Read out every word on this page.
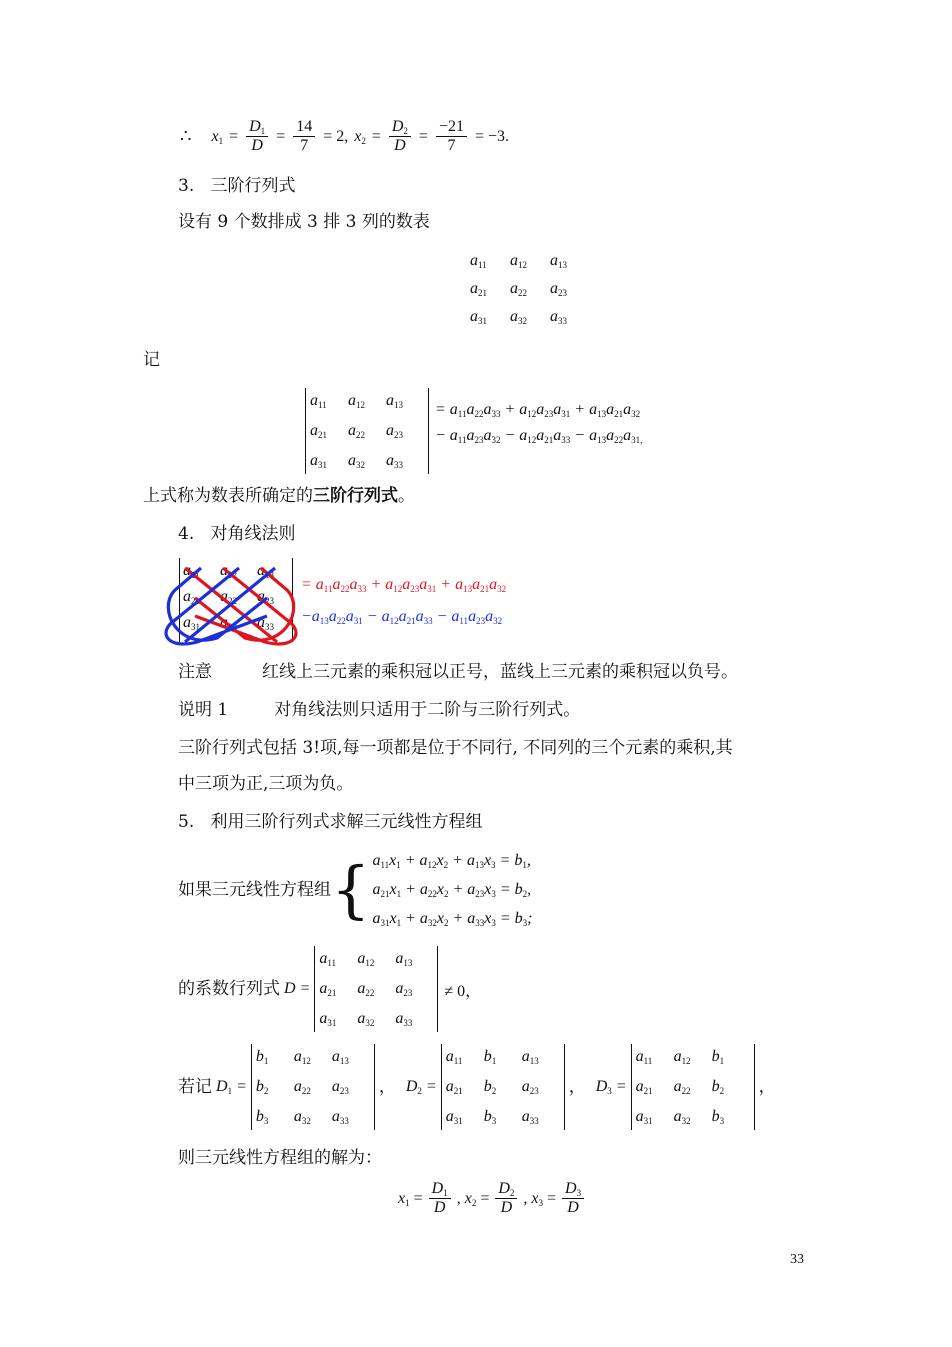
∴ $x_1 = \frac{D_1}{D} = \frac{14}{7} = 2$, $x_2 = \frac{D_2}{D} = \frac{-21}{7} = -3$.
3. 三阶行列式
设有 9 个数排成 3 排 3 列的数表
$a_{11}$	$a_{12}$	$a_{13}$
$a_{21}$	$a_{22}$	$a_{23}$
$a_{31}$	$a_{32}$	$a_{33}$
记
$a_{11}$	$a_{12}$	$a_{13}$
$a_{21}$	$a_{22}$	$a_{23}$
$a_{31}$	$a_{32}$	$a_{33}$
= $a_{11}a_{22}a_{33} + a_{12}a_{23}a_{31} + a_{13}a_{21}a_{32}$
− $a_{11}a_{23}a_{32} - a_{12}a_{21}a_{33} - a_{13}a_{22}a_{31,}$
上式称为数表所确定的三阶行列式。
4. 对角线法则
$a_{11}$	$a_{12}$	$a_{13}$
$a_{21}$	$a_{22}$	$a_{23}$
$a_{31}$	$a_{32}$	$a_{33}$
= $a_{11}a_{22}a_{33} + a_{12}a_{23}a_{31} + a_{13}a_{21}a_{32}$
$-a_{13}a_{22}a_{31} - a_{12}a_{21}a_{33} - a_{11}a_{23}a_{32}$
注意	红线上三元素的乘积冠以正号，蓝线上三元素的乘积冠以负号。
说明 1	对角线法则只适用于二阶与三阶行列式。
三阶行列式包括 3!项,每一项都是位于不同行, 不同列的三个元素的乘积,其
中三项为正,三项为负。
5. 利用三阶行列式求解三元线性方程组
如果三元线性方程组 { $a_{11}x_1 + a_{12}x_2 + a_{13}x_3 = b_1$,
$a_{21}x_1 + a_{22}x_2 + a_{23}x_3 = b_2$,
$a_{31}x_1 + a_{32}x_2 + a_{33}x_3 = b_3$;
的系数行列式 D =
$a_{11}$	$a_{12}$	$a_{13}$
$a_{21}$	$a_{22}$	$a_{23}$
$a_{31}$	$a_{32}$	$a_{33}$
≠ 0，
若记 $D_1$ =
$b_1$	$a_{12}$	$a_{13}$
$b_2$	$a_{22}$	$a_{23}$
$b_3$	$a_{32}$	$a_{33}$
， $D_2$ =
$a_{11}$	$b_1$	$a_{13}$
$a_{21}$	$b_2$	$a_{23}$
$a_{31}$	$b_3$	$a_{33}$
， $D_3$ =
$a_{11}$	$a_{12}$	$b_1$
$a_{21}$	$a_{22}$	$b_2$
$a_{31}$	$a_{32}$	$b_3$
，
则三元线性方程组的解为：
$x_1 = \frac{D_1}{D}$ , $x_2 = \frac{D_2}{D}$ , $x_3 = \frac{D_3}{D}$
33
